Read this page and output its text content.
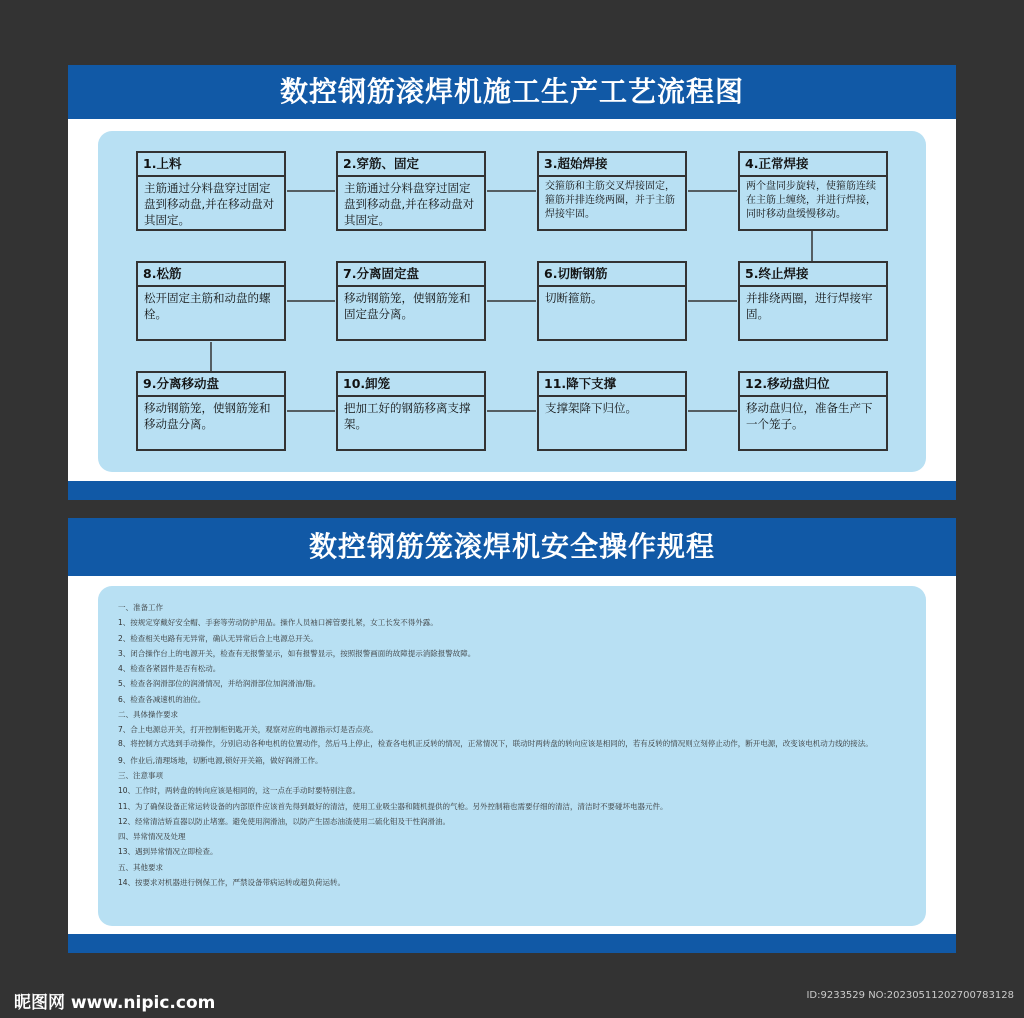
数控钢筋滚焊机施工生产工艺流程图
1.上料
主筋通过分料盘穿过固定盘到移动盘,并在移动盘对其固定。
2.穿筋、固定
主筋通过分料盘穿过固定盘到移动盘,并在移动盘对其固定。
3.超始焊接
交箍筋和主筋交叉焊接固定，箍筋并排连绕两圈，并于主筋焊接牢固。
4.正常焊接
两个盘同步旋转，使箍筋连续在主筋上缠绕，并进行焊接，同时移动盘缓慢移动。
8.松筋
松开固定主筋和动盘的螺栓。
7.分离固定盘
移动钢筋笼，使钢筋笼和固定盘分离。
6.切断钢筋
切断箍筋。
5.终止焊接
并排绕两圈，进行焊接牢固。
9.分离移动盘
移动钢筋笼，使钢筋笼和移动盘分离。
10.卸笼
把加工好的钢筋移离支撑架。
11.降下支撑
支撑架降下归位。
12.移动盘归位
移动盘归位，准备生产下一个笼子。
数控钢筋笼滚焊机安全操作规程
一、准备工作
1、按规定穿戴好安全帽、手套等劳动防护用品。操作人员袖口裤管要扎紧，女工长发不得外露。
2、检查相关电路有无异常，确认无异常后合上电源总开关。
3、闭合操作台上的电源开关，检查有无报警显示，如有报警显示，按照报警画面的故障提示消除报警故障。
4、检查各紧固件是否有松动。
5、检查各润滑部位的润滑情况，并给润滑部位加润滑油/脂。
6、检查各减速机的油位。
二、具体操作要求
7、合上电源总开关，打开控制柜钥匙开关，观察对应的电源指示灯是否点亮。
8、将控制方式选到手动操作，分别启动各种电机的位置动作，然后马上停止，检查各电机正反转的情况，正常情况下，联动时两转盘的转向应该是相同的，若有反转的情况则立刻停止动作，断开电源，改变该电机动力线的接法。
9、作业后,清理场地，切断电源,锁好开关箱，做好润滑工作。
三、注意事项
10、工作时，两转盘的转向应该是相同的，这一点在手动时要特别注意。
11、为了确保设备正常运转设备的内部原件应该首先得到最好的清洁，使用工业吸尘器和随机提供的气枪。另外控制箱也需要仔细的清洁，清洁时不要碰坏电器元件。
12、经常清洁矫直器以防止堵塞。避免使用润滑油，以防产生固态油渣使用二硫化钼及干性润滑油。
四、异常情况及处理
13、遇到异常情况立即检查。
五、其他要求
14、按要求对机器进行例保工作，严禁设备带病运转或超负荷运转。
昵图网 www.nipic.com	ID:9233529 NO:20230511202700783128
